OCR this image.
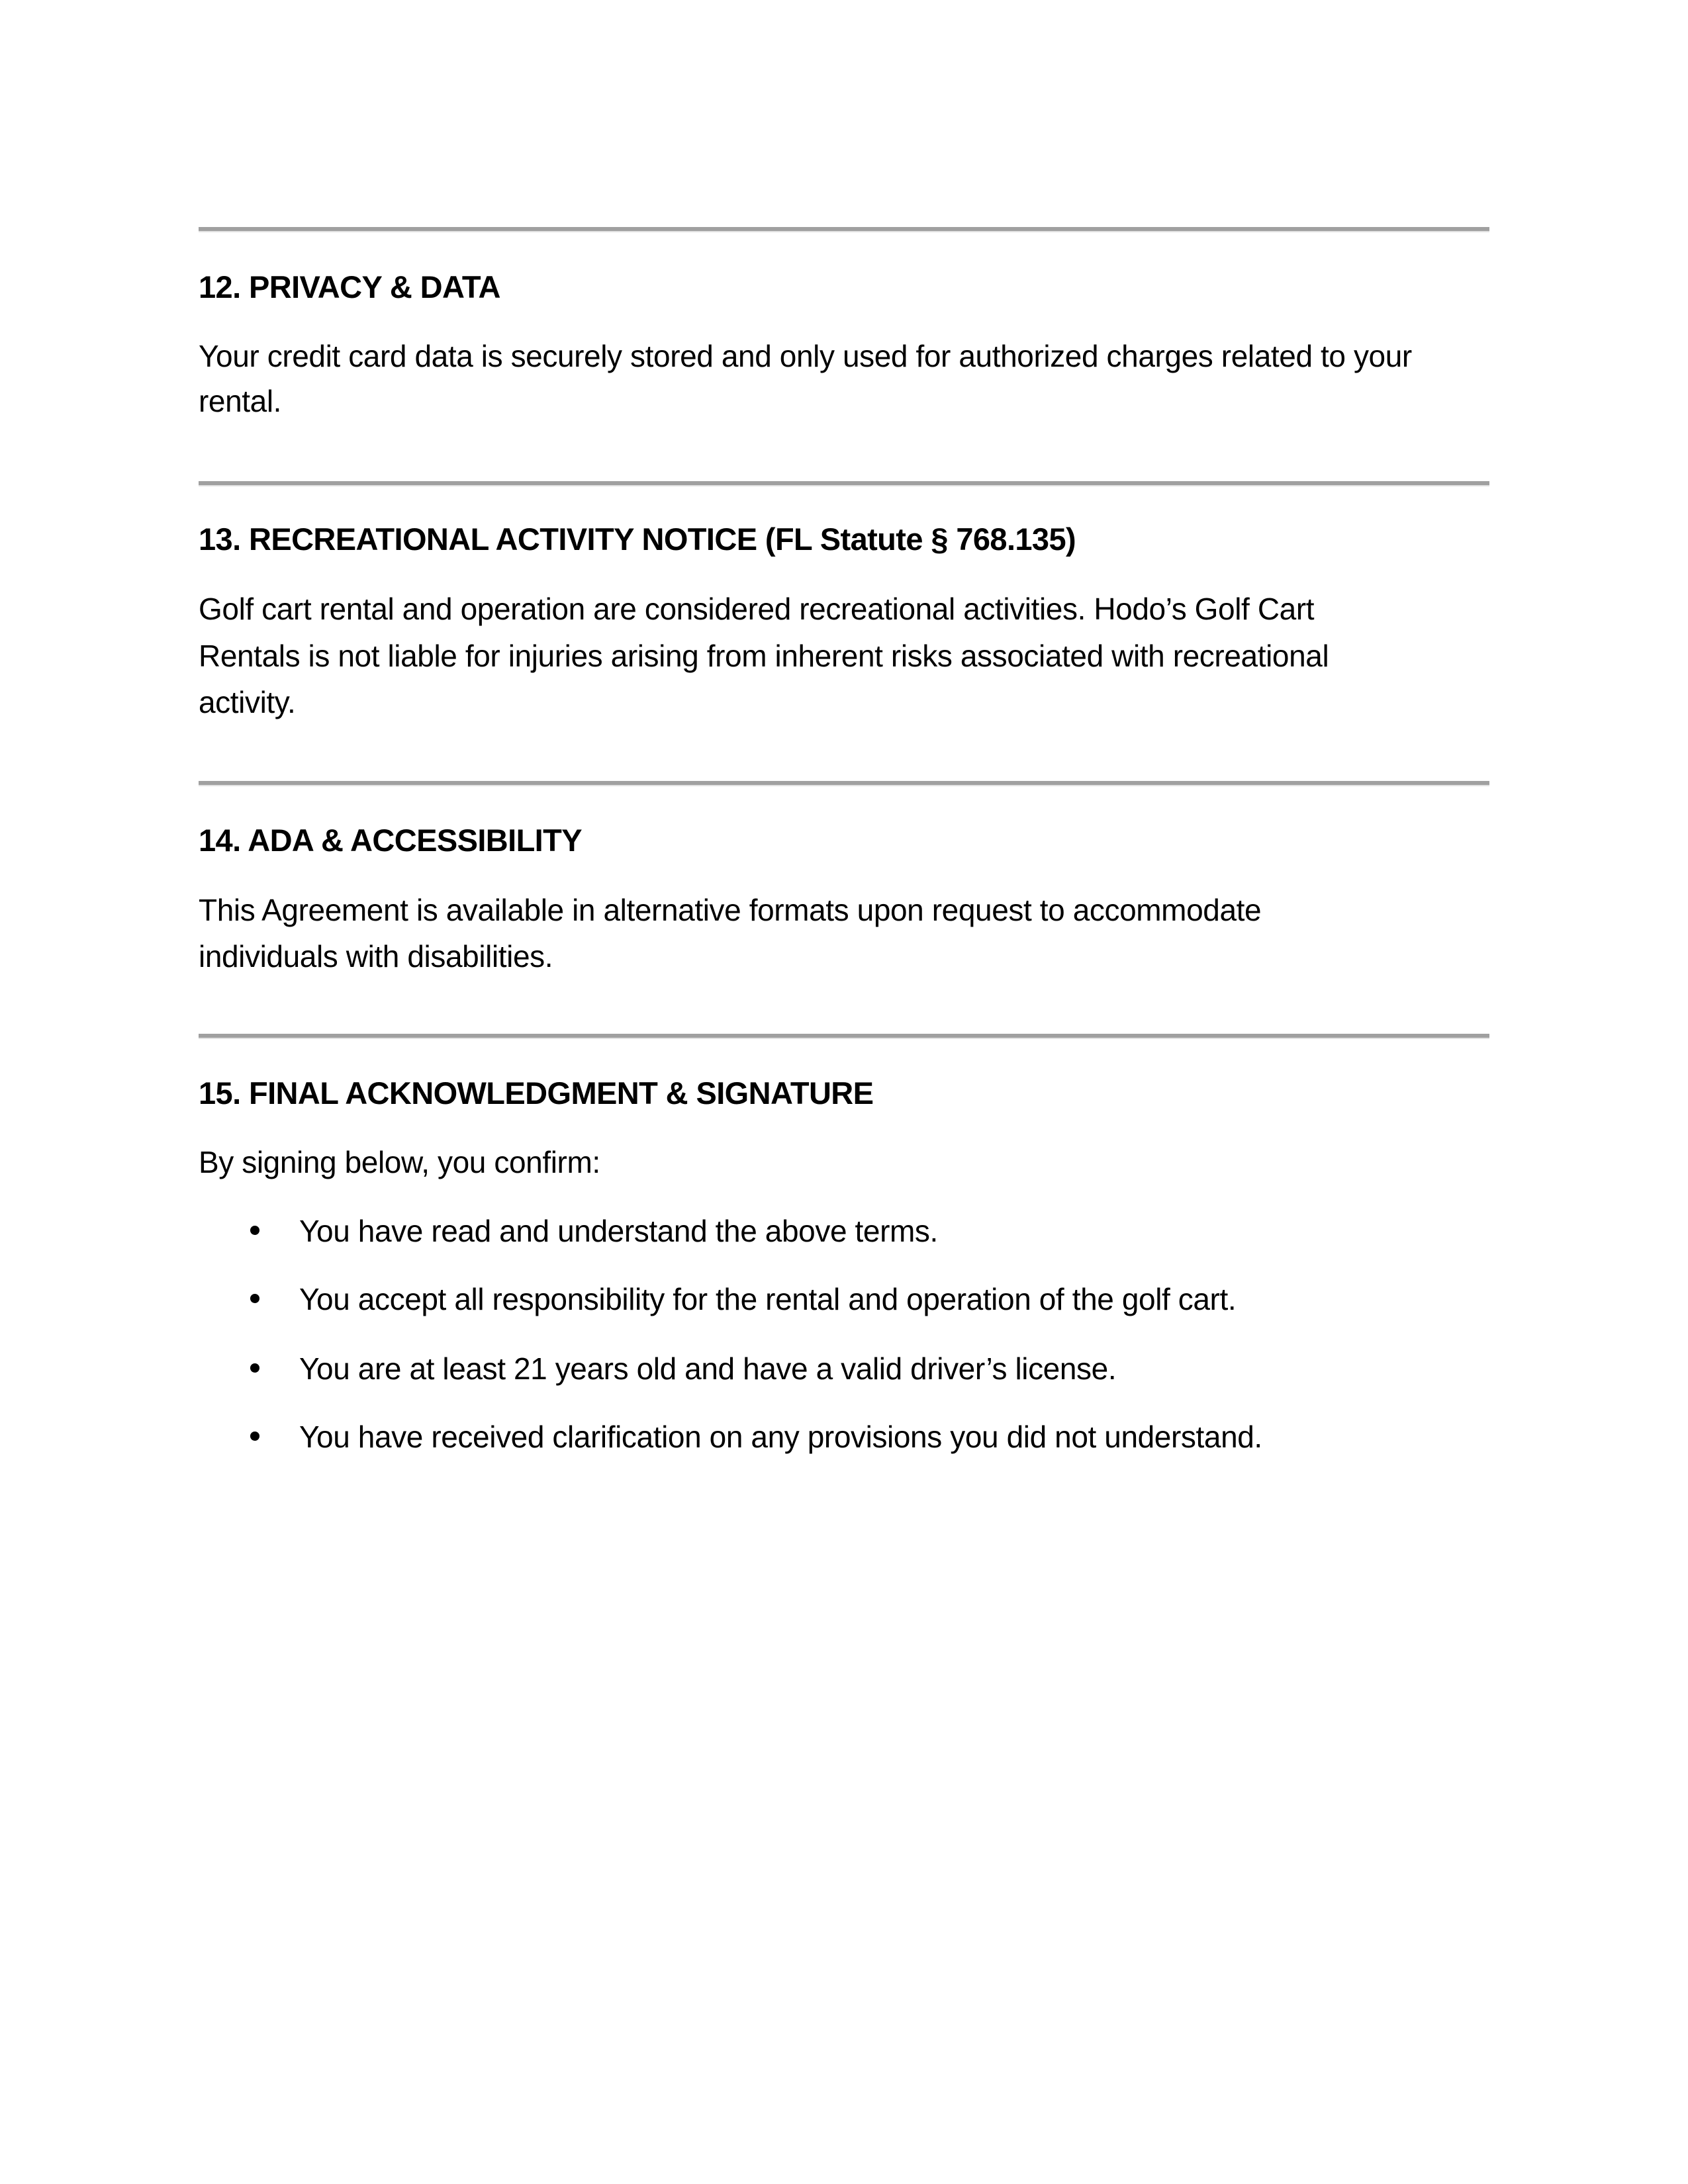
12. PRIVACY & DATA
Your credit card data is securely stored and only used for authorized charges related to your
rental.
13. RECREATIONAL ACTIVITY NOTICE (FL Statute § 768.135)
Golf cart rental and operation are considered recreational activities. Hodo’s Golf Cart
Rentals is not liable for injuries arising from inherent risks associated with recreational
activity.
14. ADA & ACCESSIBILITY
This Agreement is available in alternative formats upon request to accommodate
individuals with disabilities.
15. FINAL ACKNOWLEDGMENT & SIGNATURE
By signing below, you confirm:
You have read and understand the above terms.
You accept all responsibility for the rental and operation of the golf cart.
You are at least 21 years old and have a valid driver’s license.
You have received clarification on any provisions you did not understand.
